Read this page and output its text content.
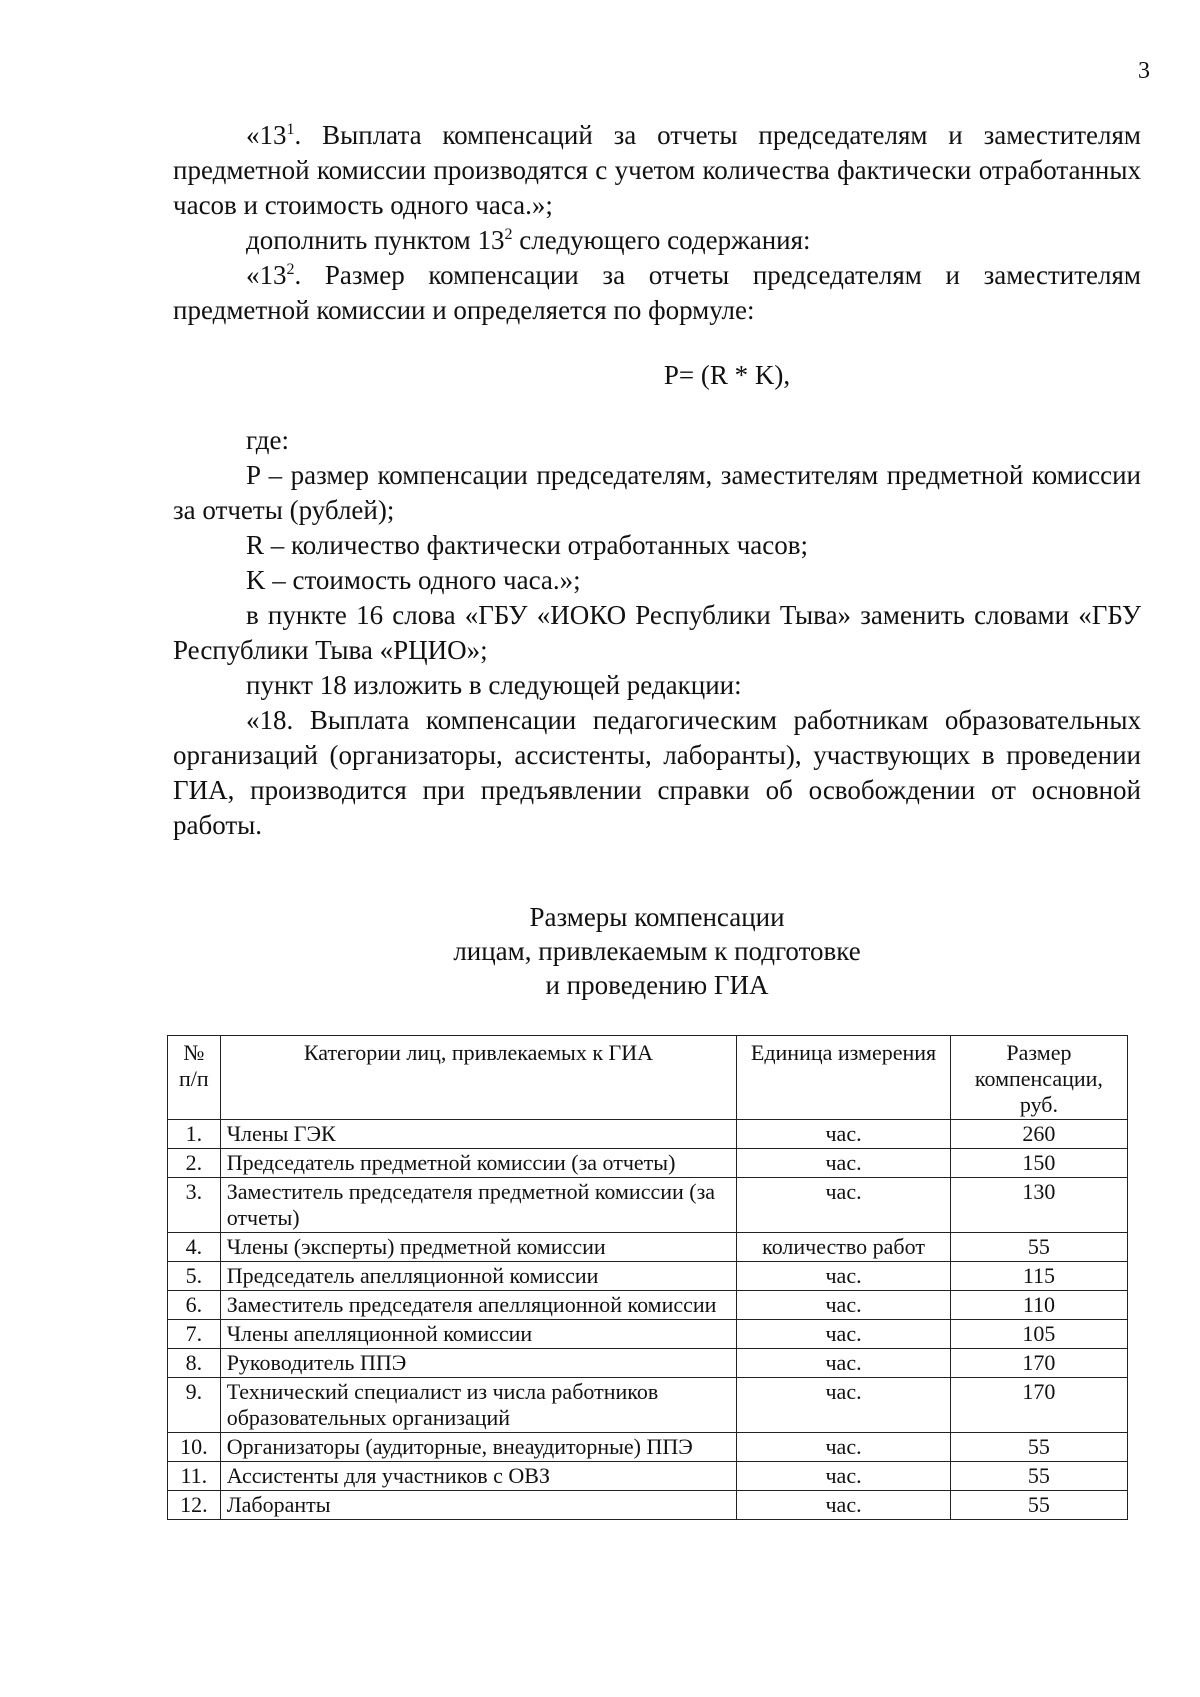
3

«$13^1$. Выплата компенсаций за отчеты председателям и заместителям предметной комиссии производятся с учетом количества фактически отработанных часов и стоимость одного часа.»;

дополнить пунктом $13^2$ следующего содержания:

«$13^2$. Размер компенсации за отчеты председателям и заместителям предметной комиссии и определяется по формуле:

P= (R * K),

где:

P – размер компенсации председателям, заместителям предметной комиссии за отчеты (рублей);

R – количество фактически отработанных часов;

K – стоимость одного часа.»;

в пункте 16 слова «ГБУ «ИОКО Республики Тыва» заменить словами «ГБУ Республики Тыва «РЦИО»;

пункт 18 изложить в следующей редакции:

«18. Выплата компенсации педагогическим работникам образовательных организаций (организаторы, ассистенты, лаборанты), участвующих в проведении ГИА, производится при предъявлении справки об освобождении от основной работы.

Размеры компенсации
лицам, привлекаемым к подготовке
и проведению ГИА
№ п/п	Категории лиц, привлекаемых к ГИА	Единица измерения	Размер компенсации, руб.
1.	Члены ГЭК	час.	260
2.	Председатель предметной комиссии (за отчеты)	час.	150
3.	Заместитель председателя предметной комиссии (за отчеты)	час.	130
4.	Члены (эксперты) предметной комиссии	количество работ	55
5.	Председатель апелляционной комиссии	час.	115
6.	Заместитель председателя апелляционной комиссии	час.	110
7.	Члены апелляционной комиссии	час.	105
8.	Руководитель ППЭ	час.	170
9.	Технический специалист из числа работников образовательных организаций	час.	170
10.	Организаторы (аудиторные, внеаудиторные) ППЭ	час.	55
11.	Ассистенты для участников с ОВЗ	час.	55
12.	Лаборанты	час.	55
